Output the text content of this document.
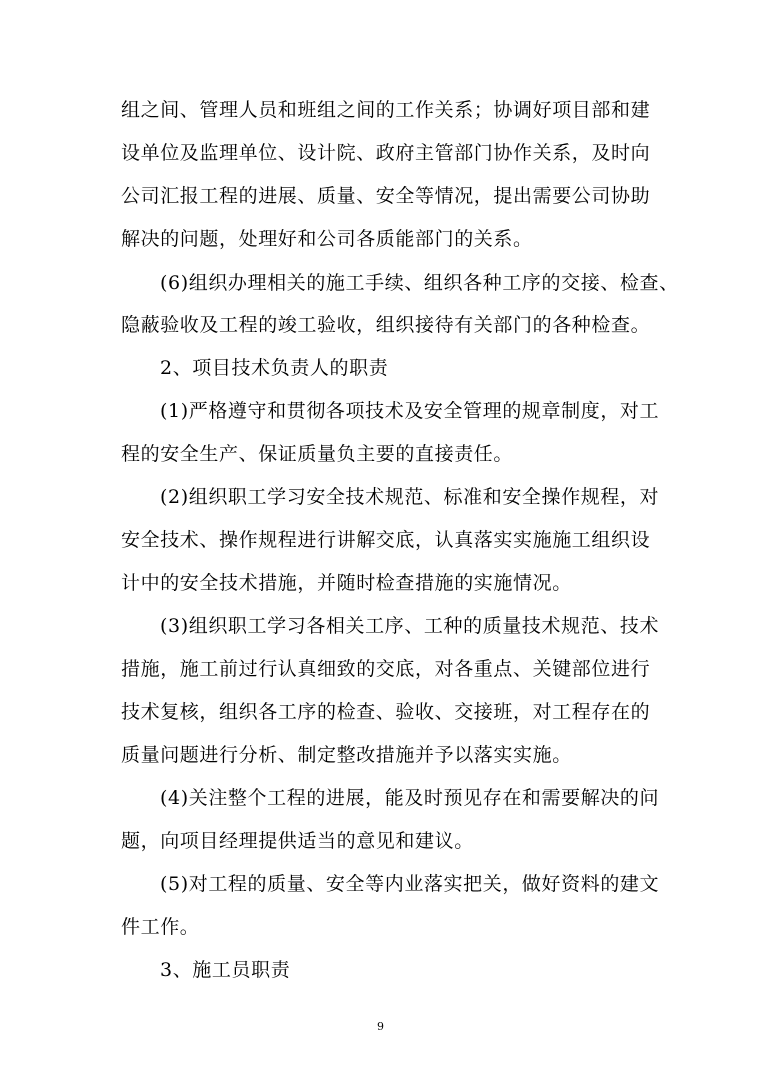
组之间、管理人员和班组之间的工作关系；协调好项目部和建
设单位及监理单位、设计院、政府主管部门协作关系，及时向
公司汇报工程的进展、质量、安全等情况，提出需要公司协助
解决的问题，处理好和公司各质能部门的关系。
(6)组织办理相关的施工手续、组织各种工序的交接、检查、
隐蔽验收及工程的竣工验收，组织接待有关部门的各种检查。
2、项目技术负责人的职责
(1)严格遵守和贯彻各项技术及安全管理的规章制度，对工
程的安全生产、保证质量负主要的直接责任。
(2)组织职工学习安全技术规范、标准和安全操作规程，对
安全技术、操作规程进行讲解交底，认真落实实施施工组织设
计中的安全技术措施，并随时检查措施的实施情况。
(3)组织职工学习各相关工序、工种的质量技术规范、技术
措施，施工前过行认真细致的交底，对各重点、关键部位进行
技术复核，组织各工序的检查、验收、交接班，对工程存在的
质量问题进行分析、制定整改措施并予以落实实施。
(4)关注整个工程的进展，能及时预见存在和需要解决的问
题，向项目经理提供适当的意见和建议。
(5)对工程的质量、安全等内业落实把关，做好资料的建文
件工作。
3、施工员职责
9
